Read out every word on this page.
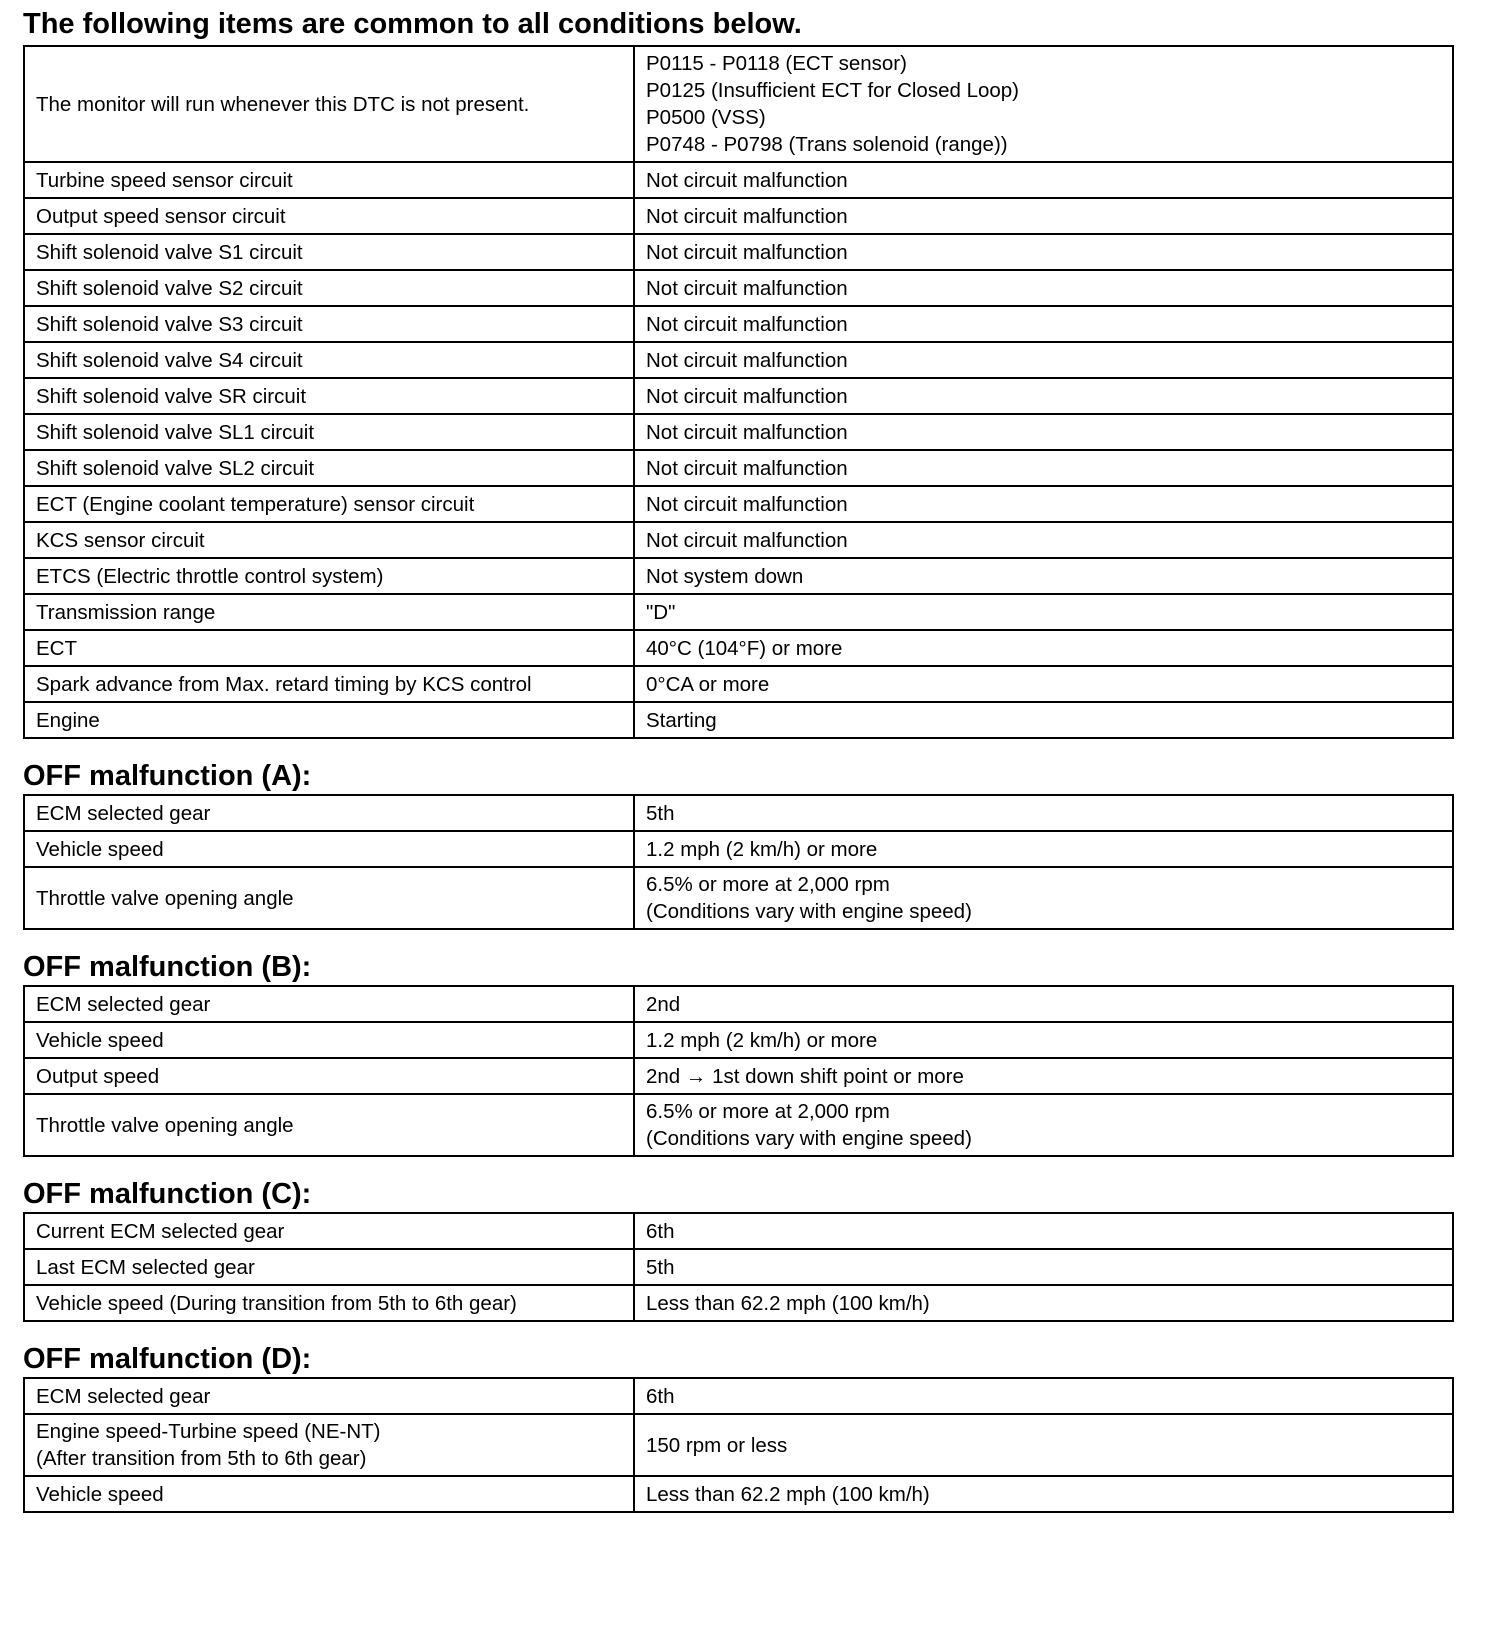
The following items are common to all conditions below.
The monitor will run whenever this DTC is not present.	P0115 - P0118 (ECT sensor)
P0125 (Insufficient ECT for Closed Loop)
P0500 (VSS)
P0748 - P0798 (Trans solenoid (range))

Turbine speed sensor circuit	Not circuit malfunction
Output speed sensor circuit	Not circuit malfunction
Shift solenoid valve S1 circuit	Not circuit malfunction
Shift solenoid valve S2 circuit	Not circuit malfunction
Shift solenoid valve S3 circuit	Not circuit malfunction
Shift solenoid valve S4 circuit	Not circuit malfunction
Shift solenoid valve SR circuit	Not circuit malfunction
Shift solenoid valve SL1 circuit	Not circuit malfunction
Shift solenoid valve SL2 circuit	Not circuit malfunction
ECT (Engine coolant temperature) sensor circuit	Not circuit malfunction
KCS sensor circuit	Not circuit malfunction
ETCS (Electric throttle control system)	Not system down
Transmission range	"D"
ECT	40°C (104°F) or more
Spark advance from Max. retard timing by KCS control	0°CA or more
Engine	Starting
OFF malfunction (A):
ECM selected gear	5th
Vehicle speed	1.2 mph (2 km/h) or more
Throttle valve opening angle	6.5% or more at 2,000 rpm
(Conditions vary with engine speed)
OFF malfunction (B):
ECM selected gear	2nd
Vehicle speed	1.2 mph (2 km/h) or more
Output speed	2nd → 1st down shift point or more
Throttle valve opening angle	6.5% or more at 2,000 rpm
(Conditions vary with engine speed)
OFF malfunction (C):
Current ECM selected gear	6th
Last ECM selected gear	5th
Vehicle speed (During transition from 5th to 6th gear)	Less than 62.2 mph (100 km/h)
OFF malfunction (D):
ECM selected gear	6th

Engine speed-Turbine speed (NE-NT)
(After transition from 5th to 6th gear)	150 rpm or less
Vehicle speed	Less than 62.2 mph (100 km/h)
